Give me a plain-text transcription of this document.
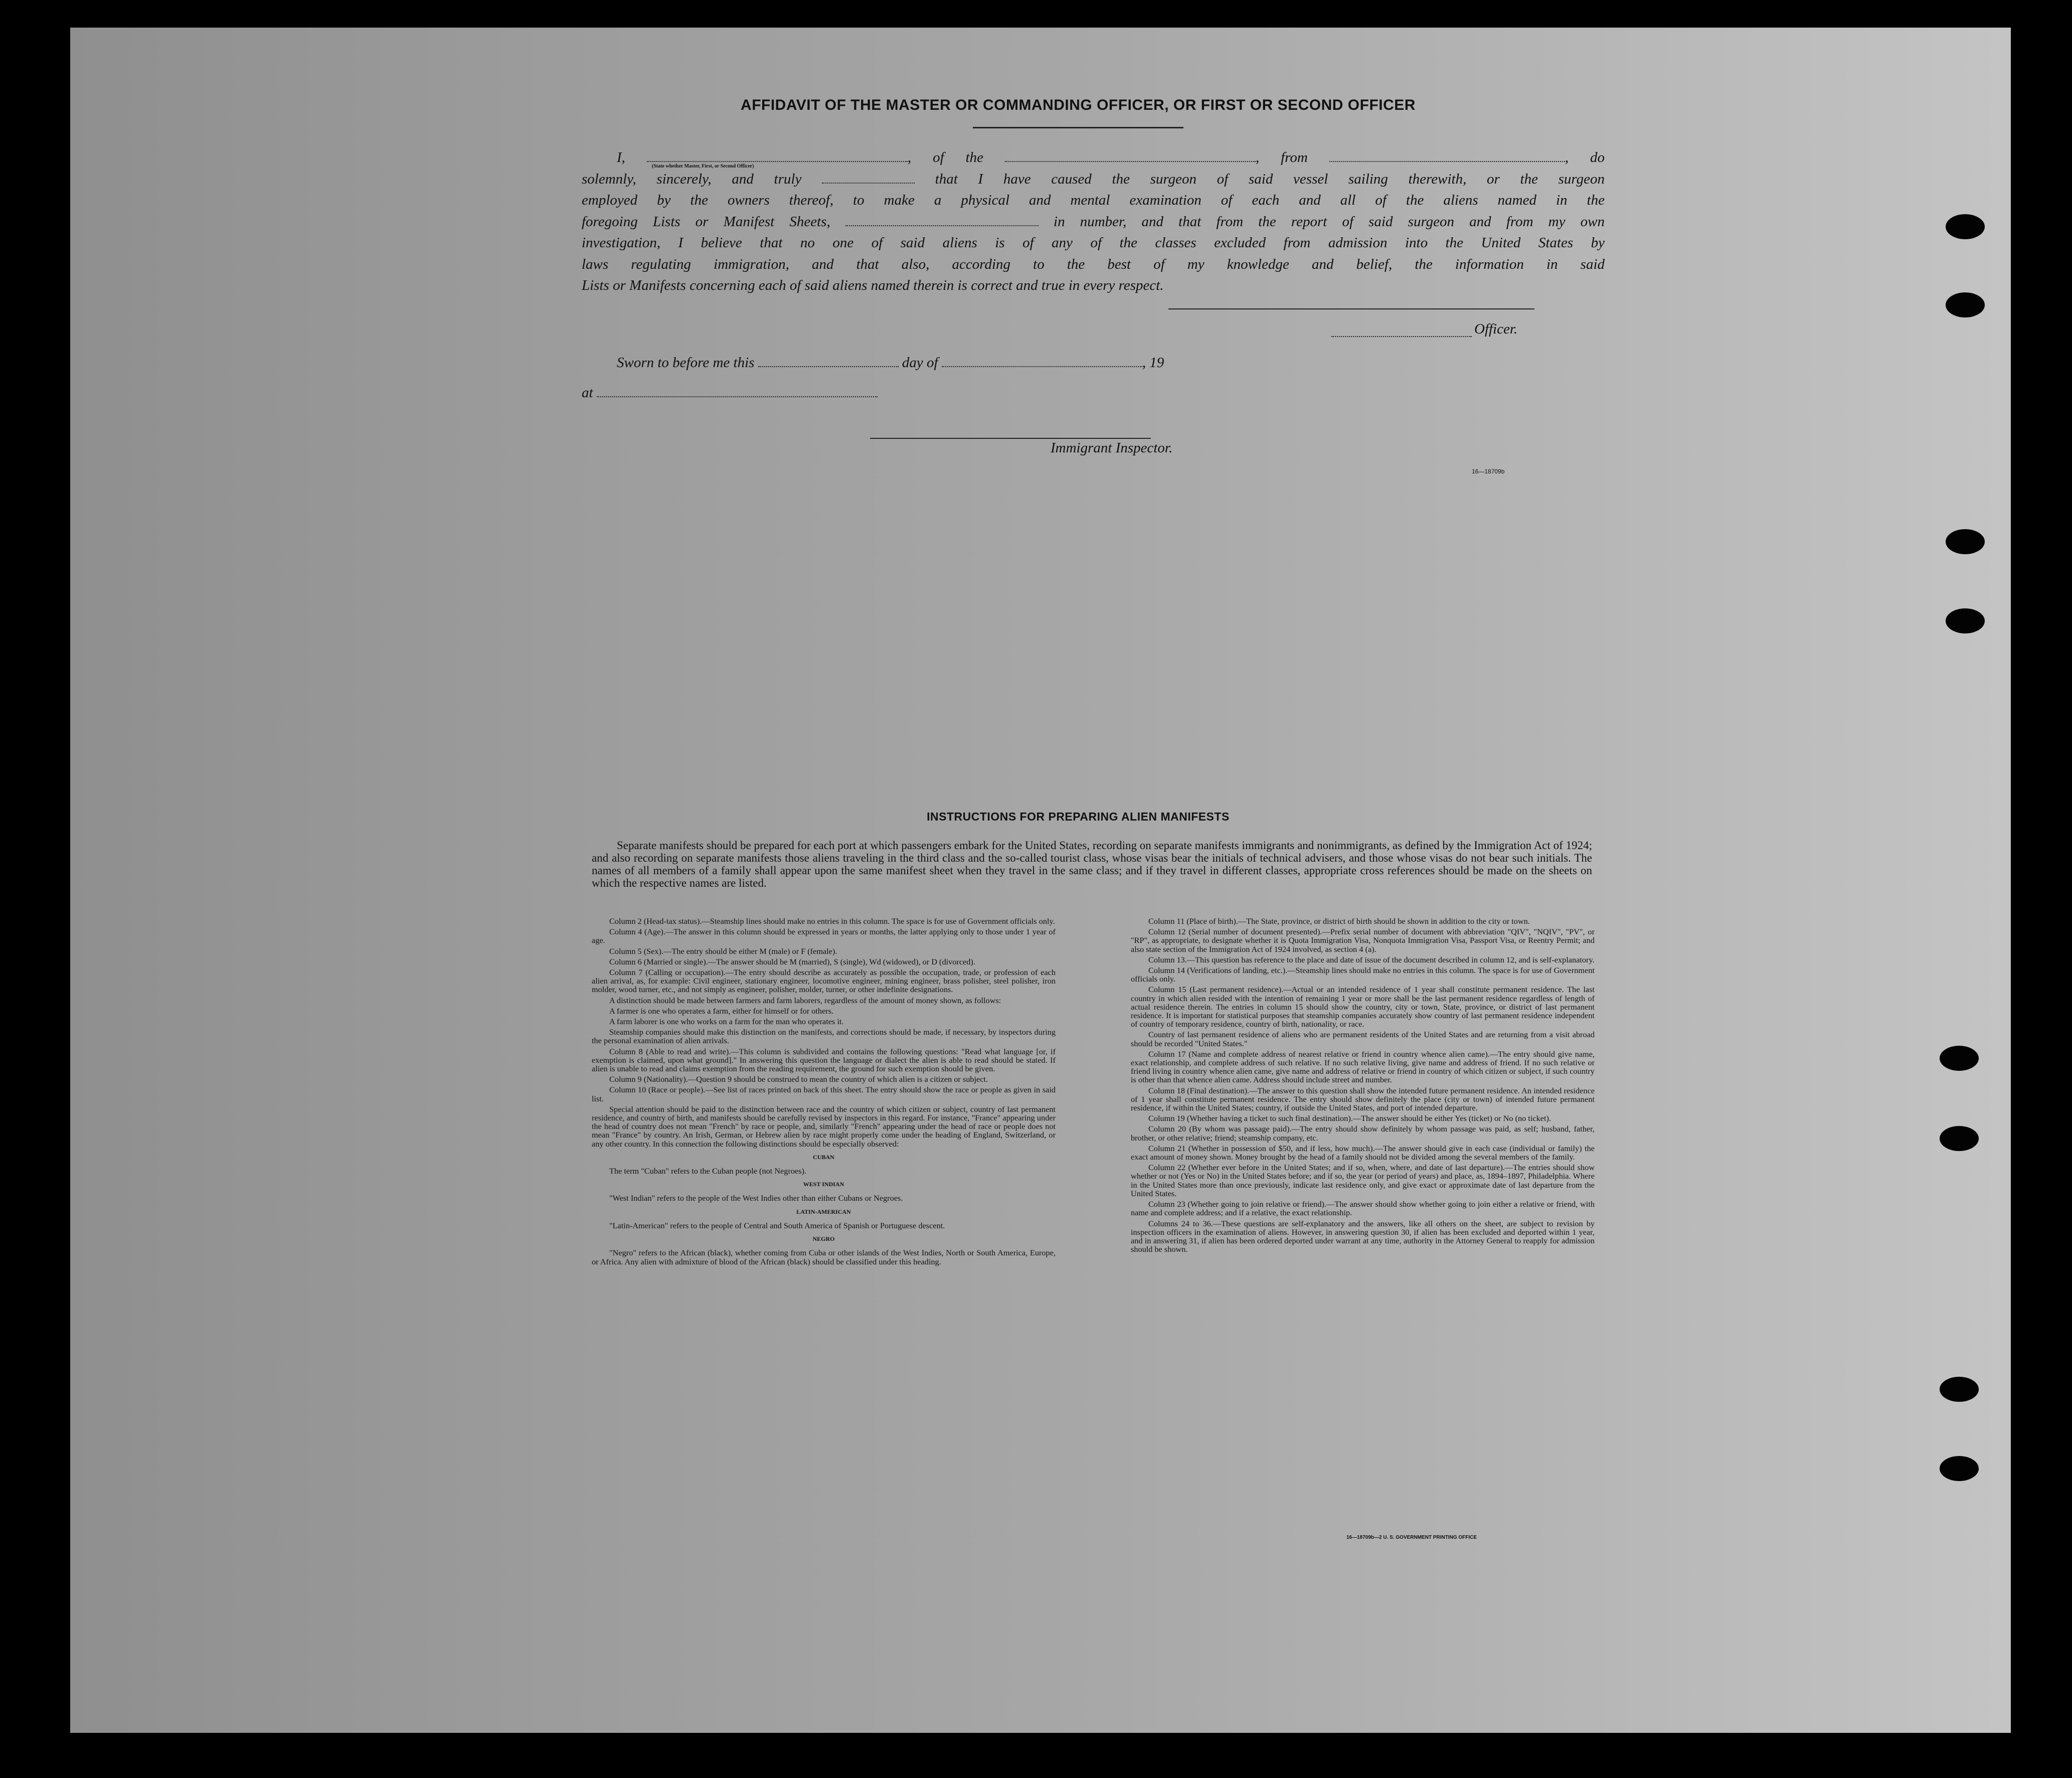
AFFIDAVIT OF THE MASTER OR COMMANDING OFFICER, OR FIRST OR SECOND OFFICER
I,
(State whether Master, First, or Second Officer)
, of the	, from	, do
solemnly, sincerely, and truly	that I have caused the surgeon of said vessel sailing therewith, or the surgeon
employed by the owners thereof, to make a physical and mental examination of each and all of the aliens named in the
foregoing Lists or Manifest Sheets,	in number, and that from the report of said surgeon and from my own
investigation, I believe that no one of said aliens is of any of the classes excluded from admission into the United States by
laws regulating immigration, and that also, according to the best of my knowledge and belief, the information in said
Lists or Manifests concerning each of said aliens named therein is correct and true in every respect.
Officer.
Sworn to before me this	day of	, 19
at
Immigrant Inspector.
16—18709b
INSTRUCTIONS FOR PREPARING ALIEN MANIFESTS
Separate manifests should be prepared for each port at which passengers embark for the United States, recording on separate manifests immigrants and nonimmigrants, as defined by the Immigration Act of 1924; and also recording on separate manifests those aliens traveling in the third class and the so-called tourist class, whose visas bear the initials of technical advisers, and those whose visas do not bear such initials. The names of all members of a family shall appear upon the same manifest sheet when they travel in the same class; and if they travel in different classes, appropriate cross references should be made on the sheets on which the respective names are listed.

Column 2 (Head-tax status).—Steamship lines should make no entries in this column. The space is for use of Government officials only.

Column 4 (Age).—The answer in this column should be expressed in years or months, the latter applying only to those under 1 year of age.

Column 5 (Sex).—The entry should be either M (male) or F (female).

Column 6 (Married or single).—The answer should be M (married), S (single), Wd (widowed), or D (divorced).

Column 7 (Calling or occupation).—The entry should describe as accurately as possible the occupation, trade, or profession of each alien arrival, as, for example: Civil engineer, stationary engineer, locomotive engineer, mining engineer, brass polisher, steel polisher, iron molder, wood turner, etc., and not simply as engineer, polisher, molder, turner, or other indefinite designations.

A distinction should be made between farmers and farm laborers, regardless of the amount of money shown, as follows:

A farmer is one who operates a farm, either for himself or for others.

A farm laborer is one who works on a farm for the man who operates it.

Steamship companies should make this distinction on the manifests, and corrections should be made, if necessary, by inspectors during the personal examination of alien arrivals.

Column 8 (Able to read and write).—This column is subdivided and contains the following questions: "Read what language [or, if exemption is claimed, upon what ground]." In answering this question the language or dialect the alien is able to read should be stated. If alien is unable to read and claims exemption from the reading requirement, the ground for such exemption should be given.

Column 9 (Nationality).—Question 9 should be construed to mean the country of which alien is a citizen or subject.

Column 10 (Race or people).—See list of races printed on back of this sheet. The entry should show the race or people as given in said list.

Special attention should be paid to the distinction between race and the country of which citizen or subject, country of last permanent residence, and country of birth, and manifests should be carefully revised by inspectors in this regard. For instance, "France" appearing under the head of country does not mean "French" by race or people, and, similarly "French" appearing under the head of race or people does not mean "France" by country. An Irish, German, or Hebrew alien by race might properly come under the heading of England, Switzerland, or any other country. In this connection the following distinctions should be especially observed:

CUBAN

The term "Cuban" refers to the Cuban people (not Negroes).

WEST INDIAN

"West Indian" refers to the people of the West Indies other than either Cubans or Negroes.

LATIN-AMERICAN

"Latin-American" refers to the people of Central and South America of Spanish or Portuguese descent.

NEGRO

"Negro" refers to the African (black), whether coming from Cuba or other islands of the West Indies, North or South America, Europe, or Africa. Any alien with admixture of blood of the African (black) should be classified under this heading.

Column 11 (Place of birth).—The State, province, or district of birth should be shown in addition to the city or town.

Column 12 (Serial number of document presented).—Prefix serial number of document with abbreviation "QIV", "NQIV", "PV", or "RP", as appropriate, to designate whether it is Quota Immigration Visa, Nonquota Immigration Visa, Passport Visa, or Reentry Permit; and also state section of the Immigration Act of 1924 involved, as section 4 (a).

Column 13.—This question has reference to the place and date of issue of the document described in column 12, and is self-explanatory.

Column 14 (Verifications of landing, etc.).—Steamship lines should make no entries in this column. The space is for use of Government officials only.

Column 15 (Last permanent residence).—Actual or an intended residence of 1 year shall constitute permanent residence. The last country in which alien resided with the intention of remaining 1 year or more shall be the last permanent residence regardless of length of actual residence therein. The entries in column 15 should show the country, city or town, State, province, or district of last permanent residence. It is important for statistical purposes that steamship companies accurately show country of last permanent residence independent of country of temporary residence, country of birth, nationality, or race.

Country of last permanent residence of aliens who are permanent residents of the United States and are returning from a visit abroad should be recorded "United States."

Column 17 (Name and complete address of nearest relative or friend in country whence alien came).—The entry should give name, exact relationship, and complete address of such relative. If no such relative living, give name and address of friend. If no such relative or friend living in country whence alien came, give name and address of relative or friend in country of which citizen or subject, if such country is other than that whence alien came. Address should include street and number.

Column 18 (Final destination).—The answer to this question shall show the intended future permanent residence. An intended residence of 1 year shall constitute permanent residence. The entry should show definitely the place (city or town) of intended future permanent residence, if within the United States; country, if outside the United States, and port of intended departure.

Column 19 (Whether having a ticket to such final destination).—The answer should be either Yes (ticket) or No (no ticket).

Column 20 (By whom was passage paid).—The entry should show definitely by whom passage was paid, as self; husband, father, brother, or other relative; friend; steamship company, etc.

Column 21 (Whether in possession of $50, and if less, how much).—The answer should give in each case (individual or family) the exact amount of money shown. Money brought by the head of a family should not be divided among the several members of the family.

Column 22 (Whether ever before in the United States; and if so, when, where, and date of last departure).—The entries should show whether or not (Yes or No) in the United States before; and if so, the year (or period of years) and place, as, 1894–1897, Philadelphia. Where in the United States more than once previously, indicate last residence only, and give exact or approximate date of last departure from the United States.

Column 23 (Whether going to join relative or friend).—The answer should show whether going to join either a relative or friend, with name and complete address; and if a relative, the exact relationship.

Columns 24 to 36.—These questions are self-explanatory and the answers, like all others on the sheet, are subject to revision by inspection officers in the examination of aliens. However, in answering question 30, if alien has been excluded and deported within 1 year, and in answering 31, if alien has been ordered deported under warrant at any time, authority in the Attorney General to reapply for admission should be shown.

16—18709b—2 U. S. GOVERNMENT PRINTING OFFICE
